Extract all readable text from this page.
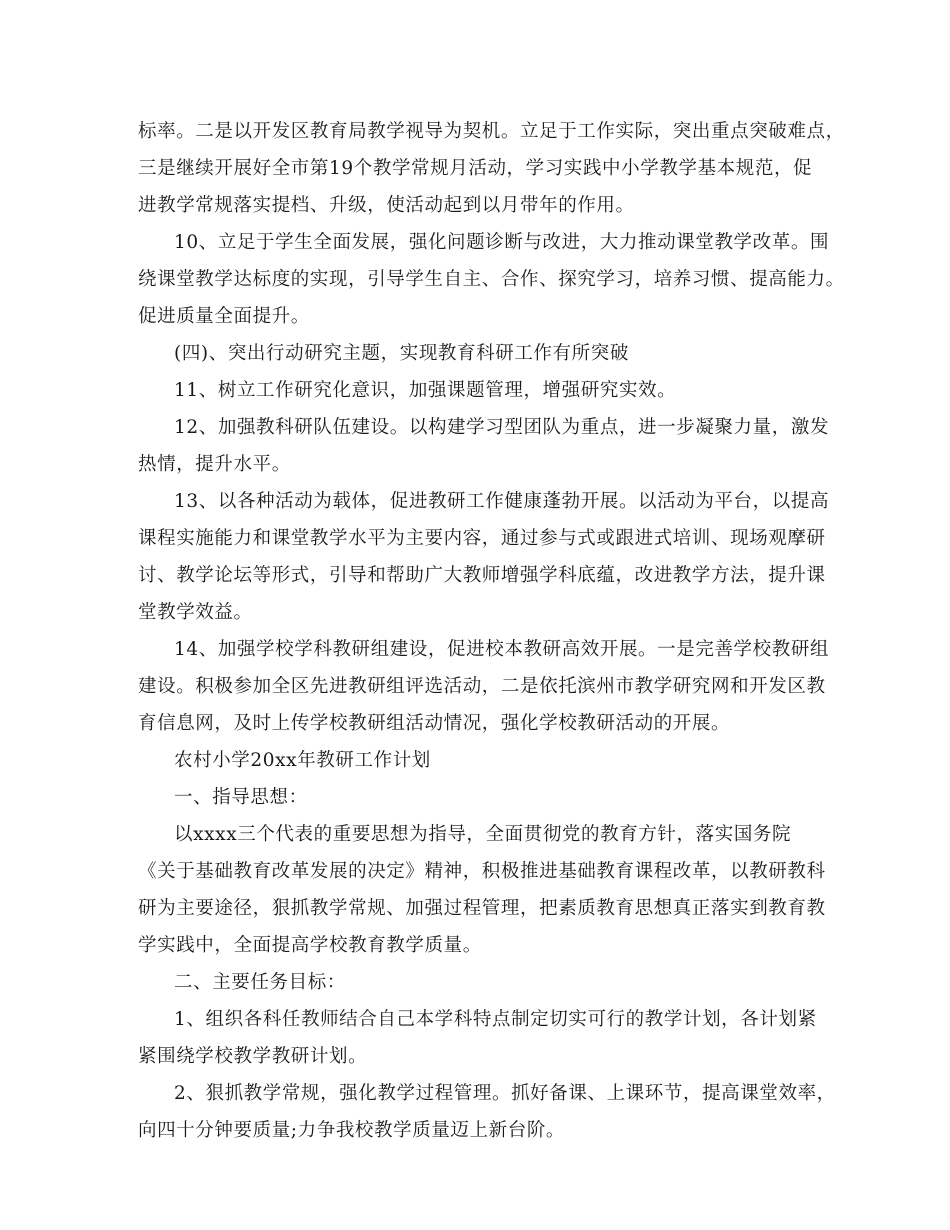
标率。二是以开发区教育局教学视导为契机。立足于工作实际，突出重点突破难点，
三是继续开展好全市第19个教学常规月活动，学习实践中小学教学基本规范，促
进教学常规落实提档、升级，使活动起到以月带年的作用。
10、立足于学生全面发展，强化问题诊断与改进，大力推动课堂教学改革。围
绕课堂教学达标度的实现，引导学生自主、合作、探究学习，培养习惯、提高能力。
促进质量全面提升。
(四)、突出行动研究主题，实现教育科研工作有所突破
11、树立工作研究化意识，加强课题管理，增强研究实效。
12、加强教科研队伍建设。以构建学习型团队为重点，进一步凝聚力量，激发
热情，提升水平。
13、以各种活动为载体，促进教研工作健康蓬勃开展。以活动为平台，以提高
课程实施能力和课堂教学水平为主要内容，通过参与式或跟进式培训、现场观摩研
讨、教学论坛等形式，引导和帮助广大教师增强学科底蕴，改进教学方法，提升课
堂教学效益。
14、加强学校学科教研组建设，促进校本教研高效开展。一是完善学校教研组
建设。积极参加全区先进教研组评选活动，二是依托滨州市教学研究网和开发区教
育信息网，及时上传学校教研组活动情况，强化学校教研活动的开展。
农村小学20xx年教研工作计划
一、指导思想：
以xxxx三个代表的重要思想为指导，全面贯彻党的教育方针，落实国务院
《关于基础教育改革发展的决定》精神，积极推进基础教育课程改革，以教研教科
研为主要途径，狠抓教学常规、加强过程管理，把素质教育思想真正落实到教育教
学实践中，全面提高学校教育教学质量。
二、主要任务目标：
1、组织各科任教师结合自己本学科特点制定切实可行的教学计划，各计划紧
紧围绕学校教学教研计划。
2、狠抓教学常规，强化教学过程管理。抓好备课、上课环节，提高课堂效率，
向四十分钟要质量;力争我校教学质量迈上新台阶。
